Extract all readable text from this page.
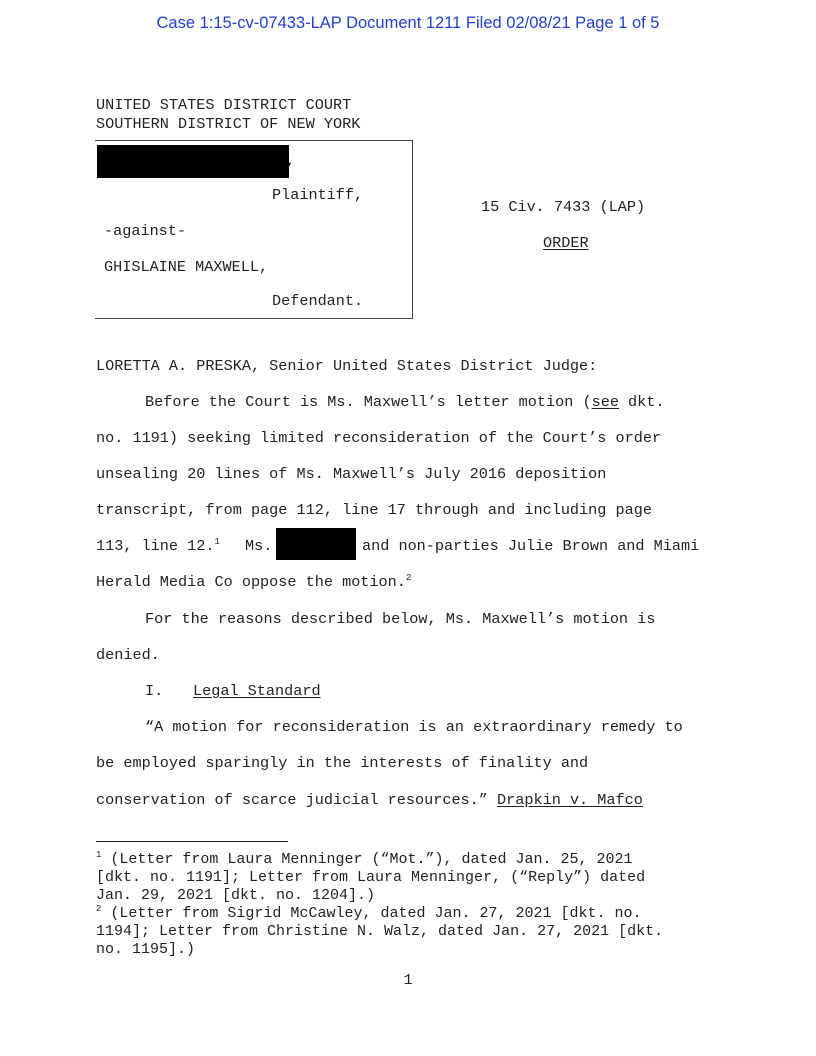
Case 1:15-cv-07433-LAP Document 1211 Filed 02/08/21 Page 1 of 5
UNITED STATES DISTRICT COURT
SOUTHERN DISTRICT OF NEW YORK
,
Plaintiff,
-against-
GHISLAINE MAXWELL,
Defendant.
15 Civ. 7433 (LAP)
ORDER
LORETTA A. PRESKA, Senior United States District Judge:
Before the Court is Ms. Maxwell’s letter motion (see dkt.
no. 1191) seeking limited reconsideration of the Court’s order
unsealing 20 lines of Ms. Maxwell’s July 2016 deposition
transcript, from page 112, line 17 through and including page
113, line 12.$^1$ Ms.	and non-parties Julie Brown and Miami
Herald Media Co oppose the motion.$^2$
For the reasons described below, Ms. Maxwell’s motion is
denied.
I. Legal Standard
“A motion for reconsideration is an extraordinary remedy to
be employed sparingly in the interests of finality and
conservation of scarce judicial resources.” Drapkin v. Mafco
$^1$ (Letter from Laura Menninger (“Mot.”), dated Jan. 25, 2021
[dkt. no. 1191]; Letter from Laura Menninger, (“Reply”) dated
Jan. 29, 2021 [dkt. no. 1204].)
$^2$ (Letter from Sigrid McCawley, dated Jan. 27, 2021 [dkt. no.
1194]; Letter from Christine N. Walz, dated Jan. 27, 2021 [dkt.
no. 1195].)
1
